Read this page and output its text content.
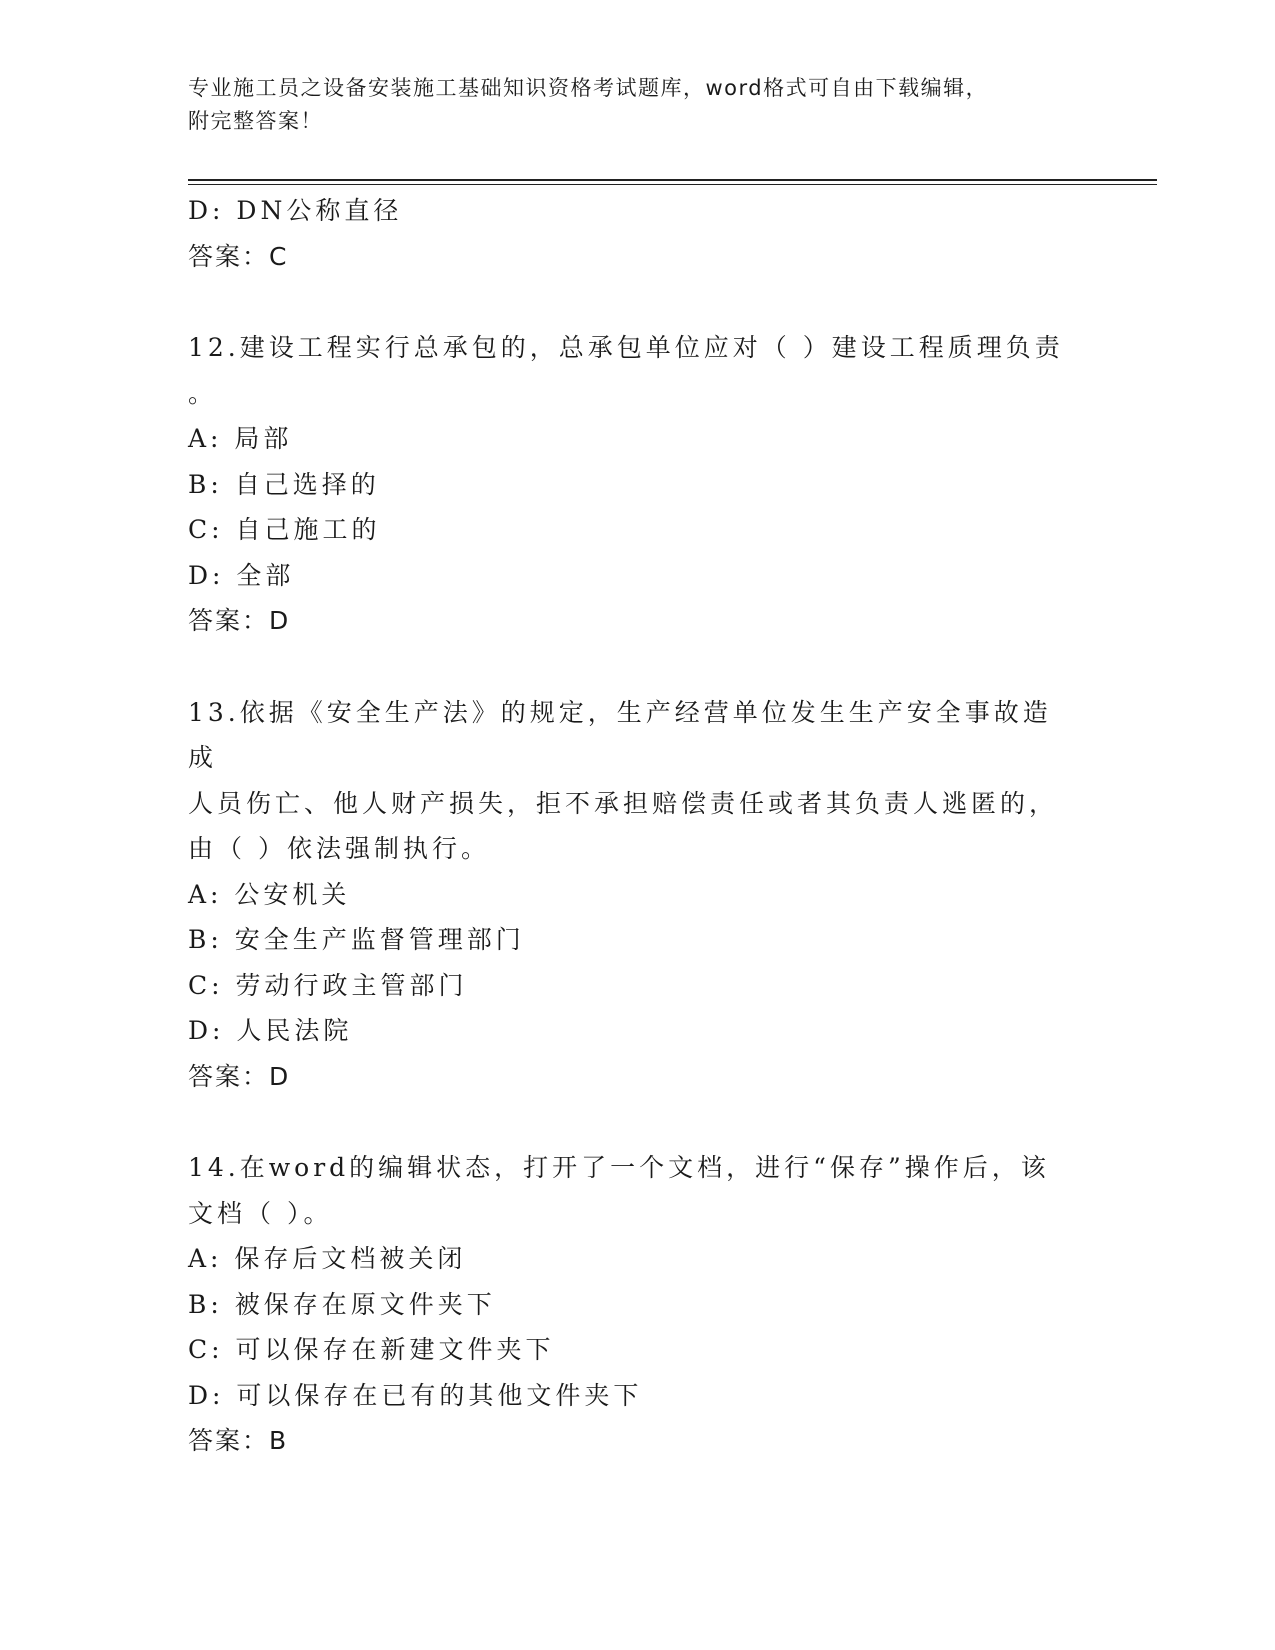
专业施工员之设备安装施工基础知识资格考试题库，word格式可自由下载编辑，
附完整答案！
D: DN公称直径
答案：C
12.建设工程实行总承包的，总承包单位应对（ ）建设工程质理负责
。
A: 局部
B: 自己选择的
C: 自己施工的
D: 全部
答案：D
13.依据《安全生产法》的规定，生产经营单位发生生产安全事故造成
人员伤亡、他人财产损失，拒不承担赔偿责任或者其负责人逃匿的，
由（ ）依法强制执行。
A: 公安机关
B: 安全生产监督管理部门
C: 劳动行政主管部门
D: 人民法院
答案：D
14.在word的编辑状态，打开了一个文档，进行“保存”操作后，该
文档（ ）。
A: 保存后文档被关闭
B: 被保存在原文件夹下
C: 可以保存在新建文件夹下
D: 可以保存在已有的其他文件夹下
答案：B
